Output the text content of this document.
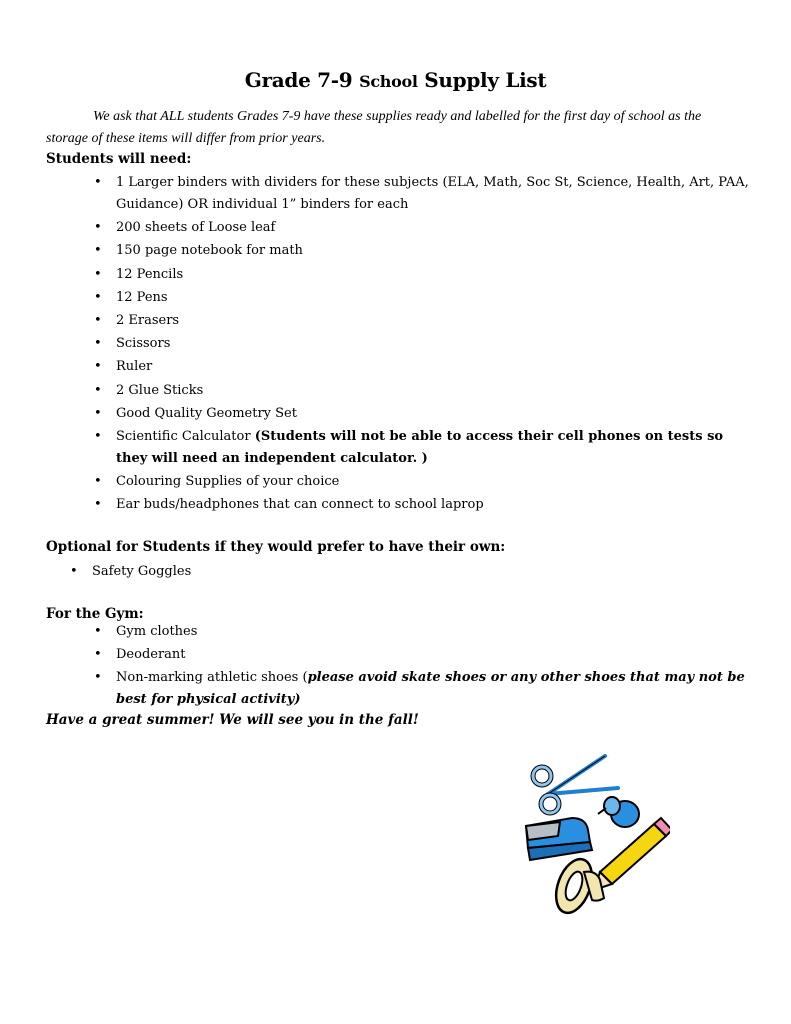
Grade 7-9 School Supply List
We ask that ALL students Grades 7-9 have these supplies ready and labelled for the first day of school as the storage of these items will differ from prior years.
Students will need:
• 1 Larger binders with dividers for these subjects (ELA, Math, Soc St, Science, Health, Art, PAA, Guidance) OR individual 1” binders for each
• 200 sheets of Loose leaf
• 150 page notebook for math
• 12 Pencils
• 12 Pens
• 2 Erasers
• Scissors
• Ruler
• 2 Glue Sticks
• Good Quality Geometry Set
• Scientific Calculator (Students will not be able to access their cell phones on tests so they will need an independent calculator. )
• Colouring Supplies of your choice
• Ear buds/headphones that can connect to school laprop
Optional for Students if they would prefer to have their own:
• Safety Goggles
For the Gym:
• Gym clothes
• Deoderant
• Non-marking athletic shoes (please avoid skate shoes or any other shoes that may not be best for physical activity)
Have a great summer! We will see you in the fall!
